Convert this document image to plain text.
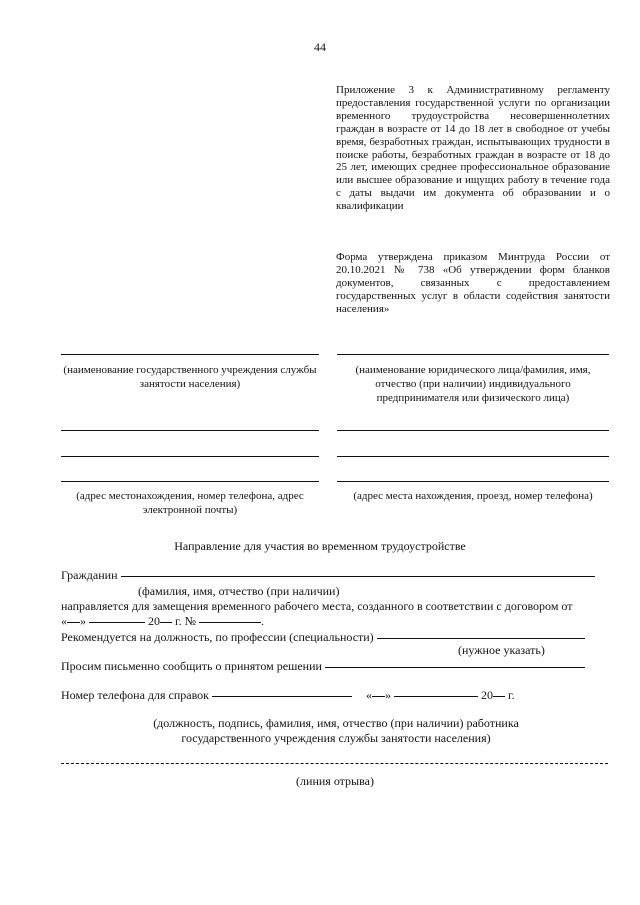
44
Приложение 3 к Административному регламенту предоставления государственной услуги по организации временного трудоустройства несовершеннолетних граждан в возрасте от 14 до 18 лет в свободное от учебы время, безработных граждан, испытывающих трудности в поиске работы, безработных граждан в возрасте от 18 до 25 лет, имеющих среднее профессиональное образование или высшее образование и ищущих работу в течение года с даты выдачи им документа об образовании и о квалификации
Форма утверждена приказом Минтруда России от 20.10.2021 № 738 «Об утверждении форм бланков документов, связанных с предоставлением государственных услуг в области содействия занятости населения»
(наименование государственного учреждения службы занятости населения)
(адрес местонахождения, номер телефона, адрес электронной почты)
(наименование юридического лица/фамилия, имя, отчество (при наличии) индивидуального предпринимателя или физического лица)
(адрес места нахождения, проезд, номер телефона)
Направление для участия во временном трудоустройстве
Гражданин
(фамилия, имя, отчество (при наличии)
направляется для замещения временного рабочего места, созданного в соответствии с договором от
« »	20 г. №	.
Рекомендуется на должность, по профессии (специальности)
(нужное указать)
Просим письменно сообщить о принятом решении
Номер телефона для справок	« »	20 г.
(должность, подпись, фамилия, имя, отчество (при наличии) работника государственного учреждения службы занятости населения)
(линия отрыва)
